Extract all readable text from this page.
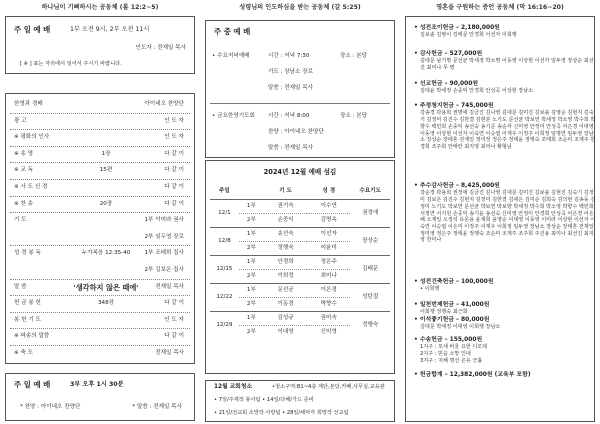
하나님이 기뻐하시는 공동체 (롬 12:2~5)
주 일 예 배	1부 오전 9시, 2부 오전 11시
인도자 : 전재일 목사
[ ※ ] 표는 자리에서 일어서 주시기 바랍니다.
한영과 경배	아이네오 찬양단
광 고	인 도 자
※ 평화의 인사	인 도 자
※ 송 영	1장	다 같 이
※ 교 독	15편	다 같 이
※ 사 도 신 경	다 같 이
※ 찬 송	20장	다 같 이
기 도	1부 이미라 권사
2부 임두영 장로
성 경 봉 독	누가복음 12:35-40	1부 조태희 집사
2부 김보은 집사
말 씀	'생각하지 않은 때에'	전재일 목사
헌 금 봉 헌	348장	다 같 이
봉 헌 기 도	인 도 자
※ 파송의 말씀	다 같 이
※ 축 도	전재일 목사
주 일 예 배	3부 오후 1시 30분
* 찬양 : 아이네오 찬양단	* 말씀 : 전재일 목사
성령님의 인도하심을 받는 공동체 (갈 5:25)
주 중 예 배
• 수요저녁예배	시간 : 저녁 7:30	장소 : 본당
기도 : 장남소 장로
말씀 : 전재일 목사
• 금요한영기도회 시간 : 저녁 8:00	장소 : 본당
찬양 : 아이네오 찬양단
말씀 : 전재일 목사
2024년 12월 예배 섬김
주일		기 도	성 경	수요기도
12/1	1부	권기숙	이수연	권정애
	2부	손중익	김명옥	
12/8	1부	송선숙	이선자	장상순
	2부	정행숙	어윤미	
12/15	1부	안경희	정은주	김태문
	2부	이희정	최미나	
12/22	1부	문선균	이은경	성탄절
	2부	이동경	박향수	
12/29	1부	김성규	권미숙	정행숙
	2부	이대영	신미영	
12월 교회청소	•청소구역:B1~4층 계단,본당,카페,사무실,교육관
• 7일/주제작 봉사팀 • 14일/다해/가드 준비
• 21일/전교회 소망작 사랑팀 • 28일/헤마각 희망작 선교팀
영혼을 구원하는 증언 공동체 (막 16:16~20)
• 성전조이헌금 – 2,180,000원
김보솔 김병이 김태문 안경희 이선자 이희행
• 감사헌금 – 527,000원
김대문 남기명 문선균 박세정 박소명 이동영 이상현 이선자 임두영 장상순 최선진 최미나 무 명
• 선교헌금 – 90,000원
김대윤 박세정 손중익 안경희 안성곡 이상현 장남소
• 주정청지헌금 – 745,000원
강송경 곽용희 권명애 김금진 김나영 김대문 김미진 김보솔 김영순 김현지 김숙기 김정미 김진수 김한결 김현분 노기도 문선균 박보연 박세정 박소영 박수희 박향수 백민희 손중익 송선숙 송기준 송순자 신미영 안정미 안성곡 어은경 이대영 이동영 이상현 이선자 이숙연 이승엽 이재우 이정주 이희정 임명연 임두영 장남소 장상순 장태혼 전재일 정미정 정은주 정태윤 정행숙 조태희 조순미 조재주 한경희 조주희 안태란 최지영 최미나 황형님
• 추수감사헌금 – 8,425,000원
강순경 곽용희 권정애 김금진 김나영 김대문 김미진 김보솔 김현진 김숙기 김정미 김보은 김진수 김현지 김정미 김한결 김세은 김미순 김희숙 김의현 김송동 김정미 노기도 박보연 문선균 박보연 박보향 박세정 박수희 박소영 박향수 백민희 서정연 서지원 손중익 송기윤 송선숙 신미영 안정미 안경희 안성곡 어은경 어은혜 오재일 오정석 유문용 윤재희 윤영순 이대영 이동영 이미라 이상현 이선자 이숙연 이승엽 이은미 이정주 이재우 이희정 임두영 장남소 장상순 장태혼 전재일 정미영 정은주 정태윤 정행숙 조순미 조재주 조주희 주진용 최미나 최선진 최지영 한미나
• 성전건축헌금 – 100,000원
• 이희행
• 일천번제헌금 – 41,000원
이희행 정행숙 최근희
• 이석좋기헌금 – 80,000원
김대문 박세정 이대영 이희행 장남소
• 수송헌금 – 155,000원
1지구 : 모세 바울 요한 디모데
2지구 : 믿음 소망 인내
3지구 : 지혜 명선 온유 긍휼
• 헌금합계 – 12,382,000원 (교육부 포함)
